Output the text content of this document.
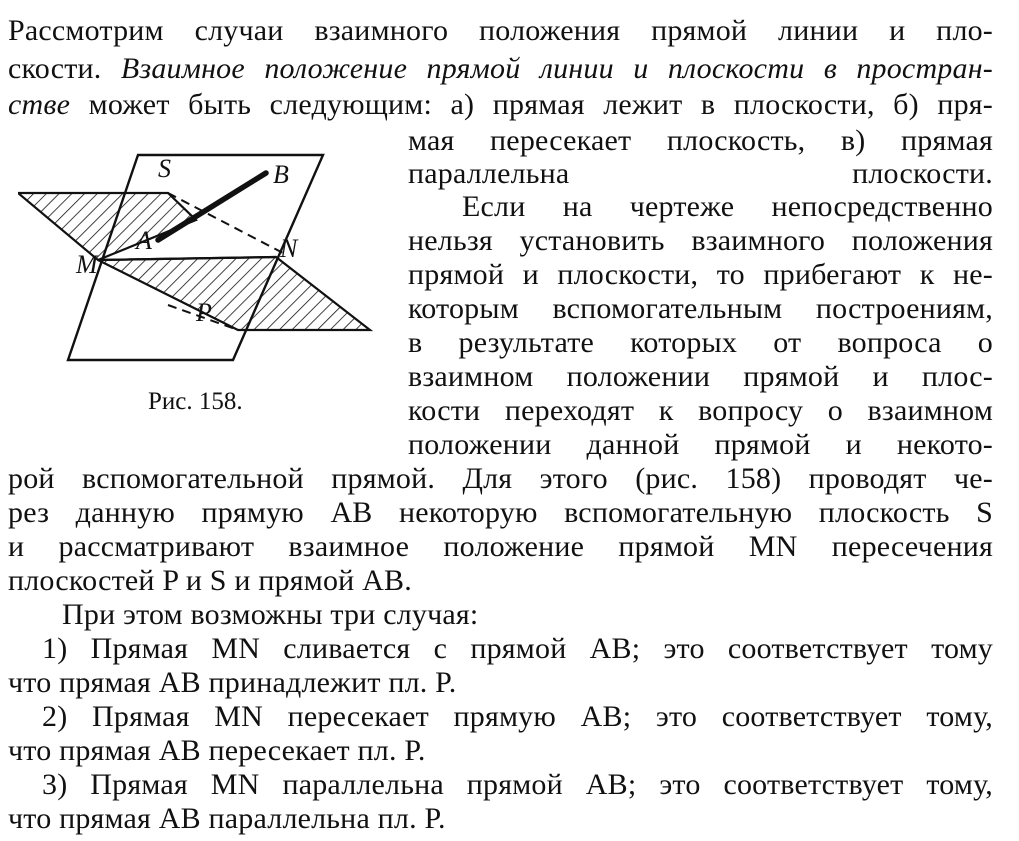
Рассмотрим случаи взаимного положения прямой линии и пло-
скости. Взаимное положение прямой линии и плоскости в простран-
стве может быть следующим: а) прямая лежит в плоскости, б) пря-
мая пересекает плоскость, в) прямая
параллельна плоскости.
Если на чертеже непосредственно
нельзя установить взаимного положения
прямой и плоскости, то прибегают к не-
которым вспомогательным построениям,
в результате которых от вопроса о
взаимном положении прямой и плос-
кости переходят к вопросу о взаимном
положении данной прямой и некото-
рой вспомогательной прямой. Для этого (рис. 158) проводят че-
рез данную прямую AB некоторую вспомогательную плоскость S
и рассматривают взаимное положение прямой MN пересечения
плоскостей P и S и прямой AB.
При этом возможны три случая:
1) Прямая MN сливается с прямой AB; это соответствует тому
что прямая AB принадлежит пл. P.
2) Прямая MN пересекает прямую AB; это соответствует тому,
что прямая AB пересекает пл. P.
3) Прямая MN параллельна прямой AB; это соответствует тому,
что прямая AB параллельна пл. P.
S	B
A	N
M
P
Рис. 158.
